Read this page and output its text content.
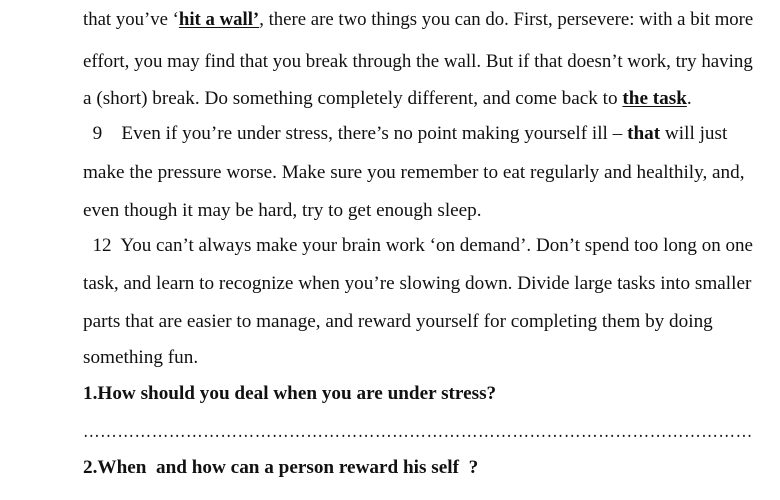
that you’ve ‘hit a wall’, there are two things you can do. First, persevere: with a bit more
effort, you may find that you break through the wall. But if that doesn’t work, try having
a (short) break. Do something completely different, and come back to the task.
9    Even if you’re under stress, there’s no point making yourself ill – that will just
make the pressure worse. Make sure you remember to eat regularly and healthily, and,
even though it may be hard, try to get enough sleep.
12  You can’t always make your brain work ‘on demand’. Don’t spend too long on one
task, and learn to recognize when you’re slowing down. Divide large tasks into smaller
parts that are easier to manage, and reward yourself for completing them by doing
something fun.
1.How should you deal when you are under stress?
………………………………………………………………………………………………………
2.When  and how can a person reward his self  ?
